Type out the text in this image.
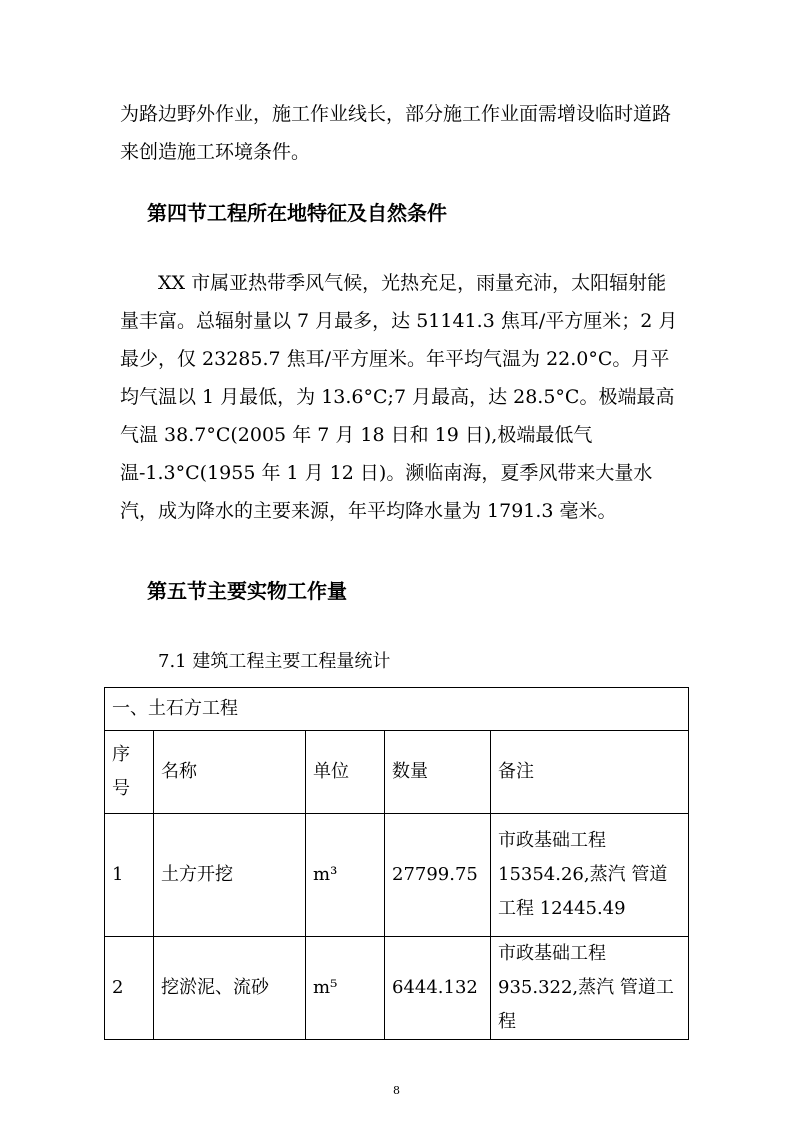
为路边野外作业，施工作业线长，部分施工作业面需增设临时道路来创造施工环境条件。

第四节工程所在地特征及自然条件

XX 市属亚热带季风气候，光热充足，雨量充沛，太阳辐射能量丰富。总辐射量以 7 月最多，达 51141.3 焦耳/平方厘米；2 月最少，仅 23285.7 焦耳/平方厘米。年平均气温为 22.0°C。月平均气温以 1 月最低，为 13.6°C;7 月最高，达 28.5°C。极端最高气温 38.7°C(2005 年 7 月 18 日和 19 日),极端最低气温-1.3°C(1955 年 1 月 12 日)。濒临南海，夏季风带来大量水汽，成为降水的主要来源，年平均降水量为 1791.3 毫米。

第五节主要实物工作量

7.1 建筑工程主要工程量统计

一、土石方工程				
序号	名称	单位	数量	备注
1	土方开挖	m³	27799.75	市政基础工程 15354.26,蒸汽 管道工程 12445.49
2	挖淤泥、流砂	m⁵	6444.132	市政基础工程 935.322,蒸汽 管道工程
8
